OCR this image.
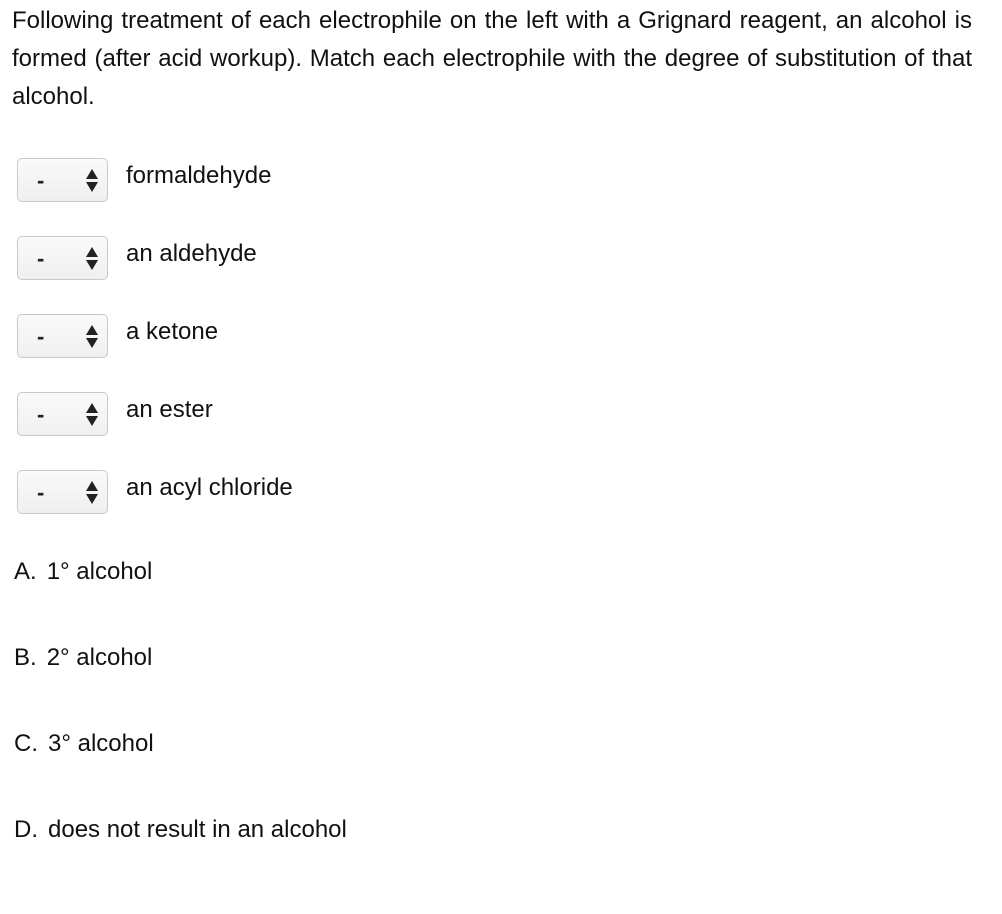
Following treatment of each electrophile on the left with a Grignard reagent, an alcohol is formed (after acid workup). Match each electrophile with the degree of substitution of that alcohol.

-	formaldehyde
-	an aldehyde
-	a ketone
-	an ester
-	an acyl chloride
A. 1° alcohol
B. 2° alcohol
C. 3° alcohol
D. does not result in an alcohol
